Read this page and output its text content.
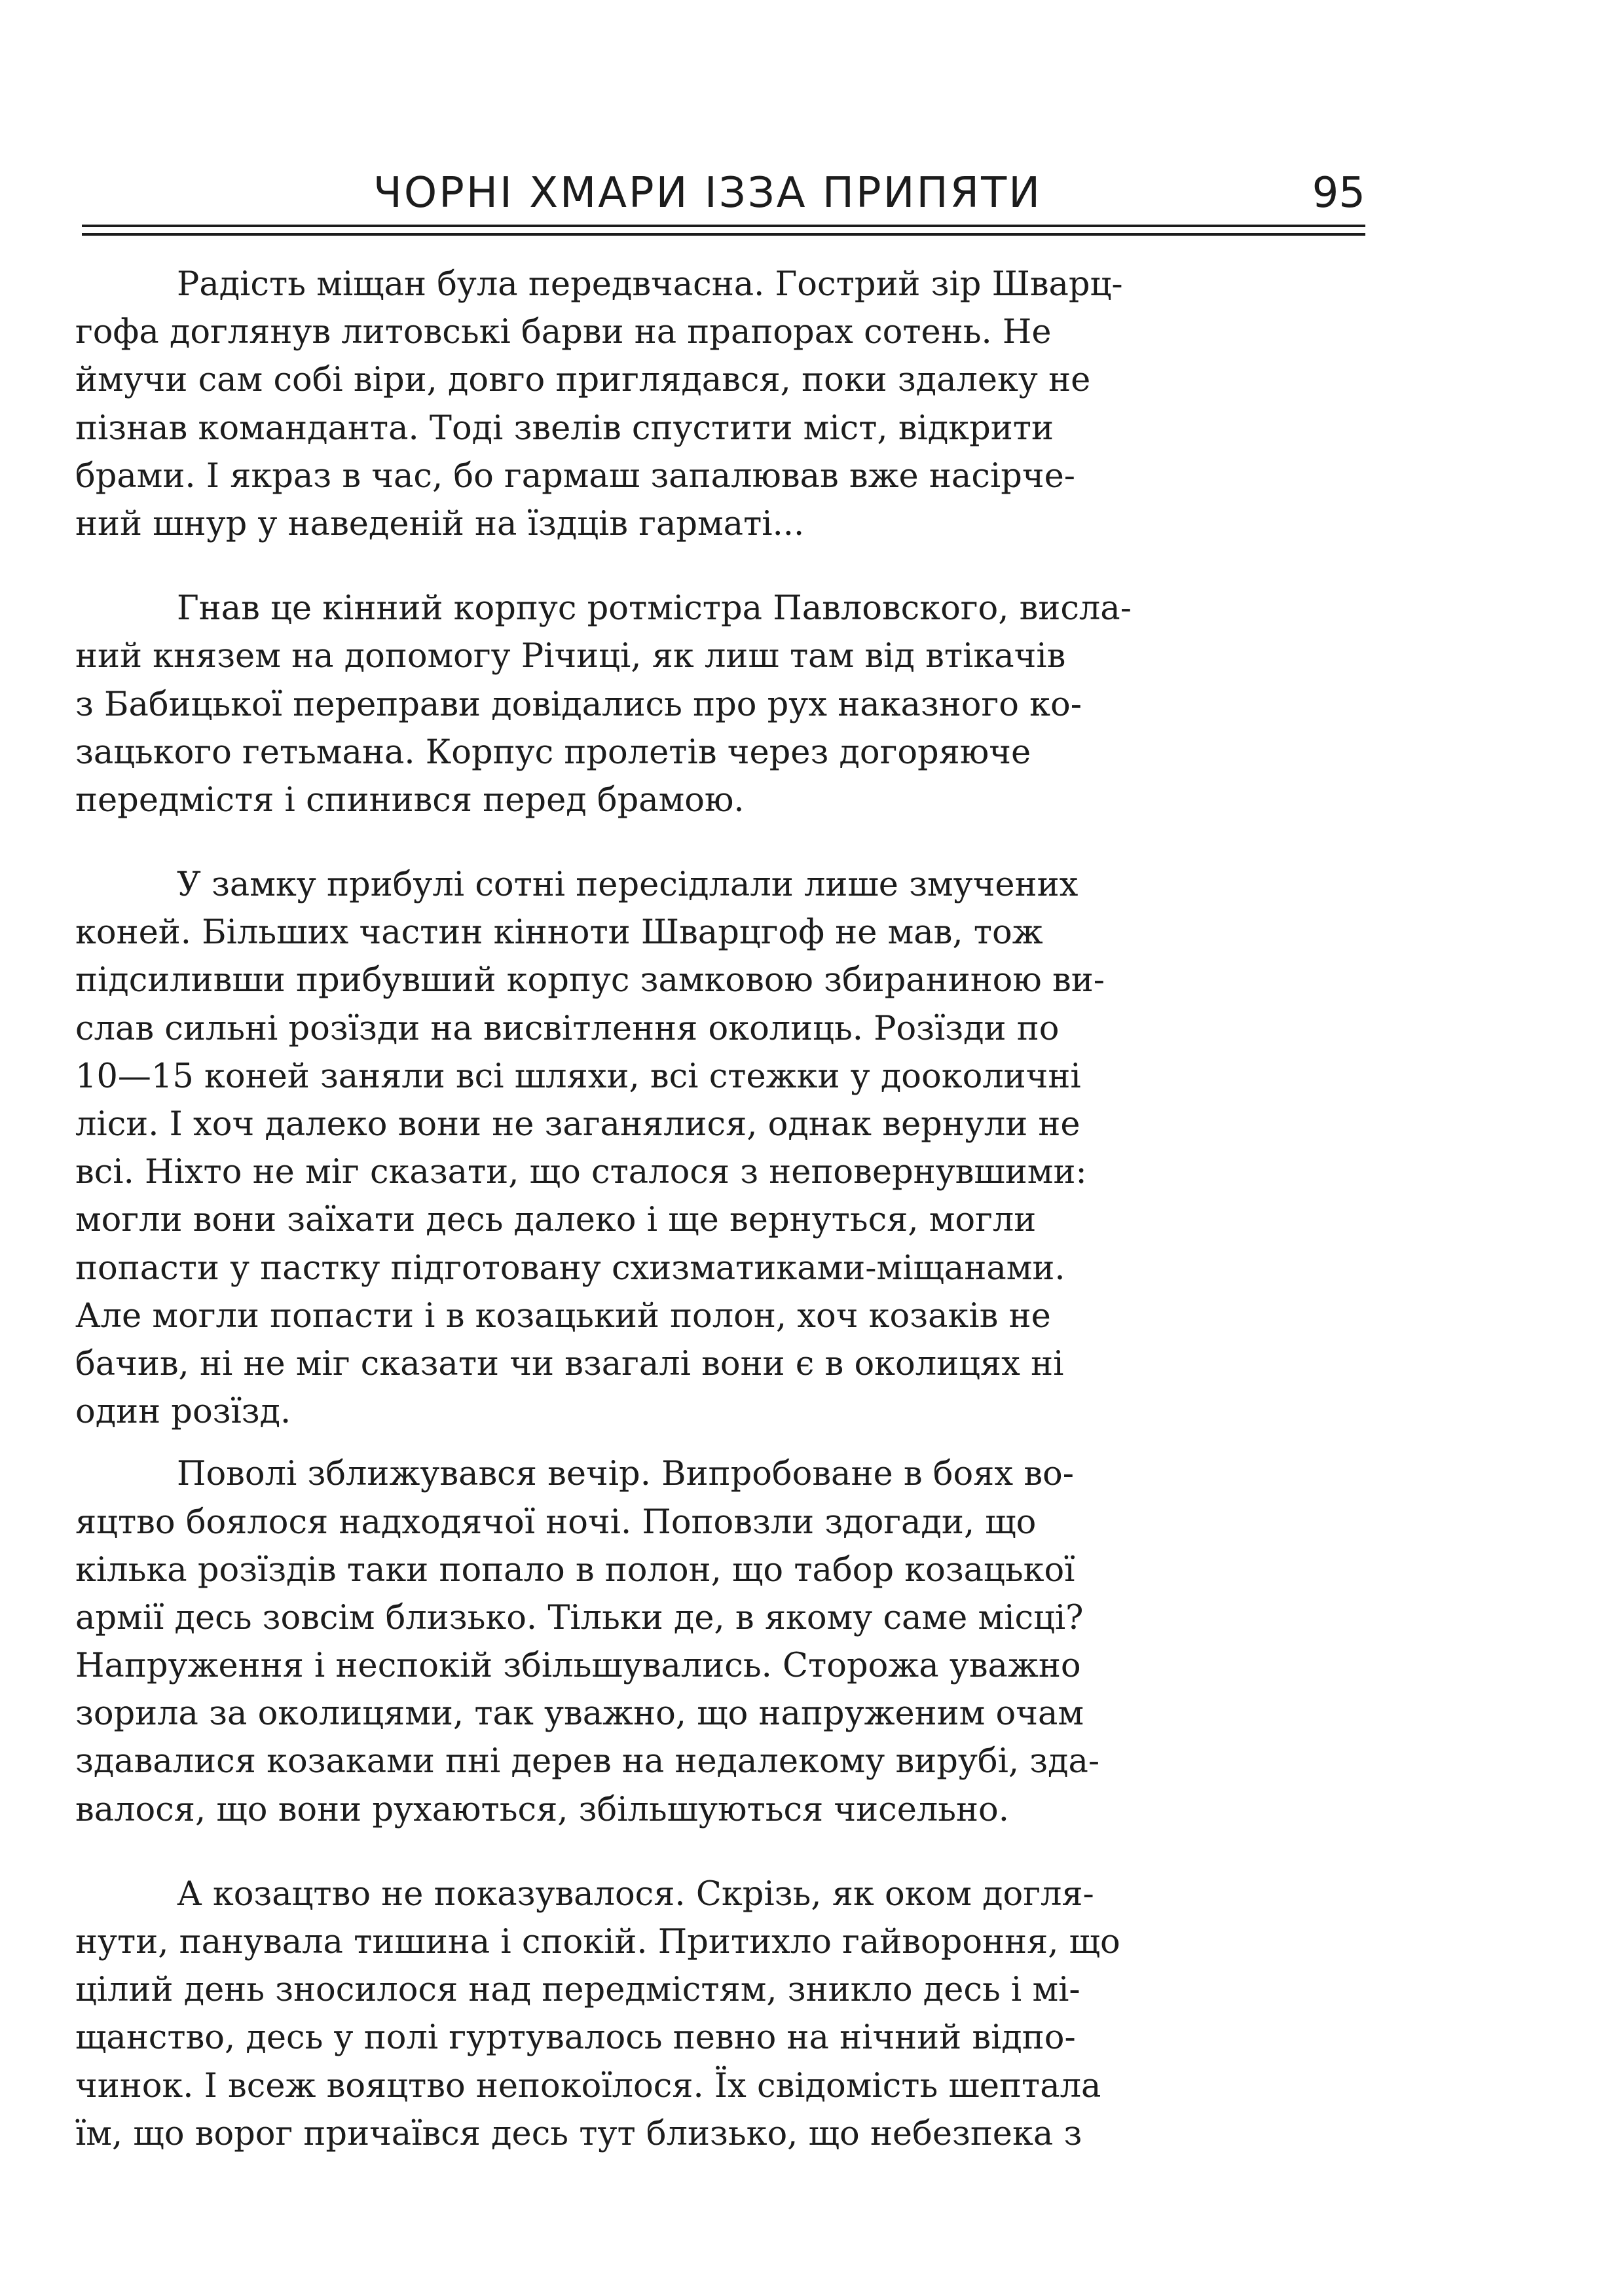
ЧОРНІ ХМАРИ ІЗЗА ПРИПЯТИ	95
Радість міщан була передвчасна. Гострий зір Шварц-
гофа доглянув литовські барви на прапорах сотень. Не
ймучи сам собі віри, довго приглядався, поки здалеку не
пізнав команданта. Тоді звелів спустити міст, відкрити
брами. І якраз в час, бо гармаш запалював вже насірче-
ний шнур у наведеній на їздців гарматі...
Гнав це кінний корпус ротмістра Павловского, висла-
ний князем на допомогу Річиці, як лиш там від втікачів
з Бабицької переправи довідались про рух наказного ко-
зацького гетьмана. Корпус пролетів через догоряюче
передмістя і спинився перед брамою.
У замку прибулі сотні пересідлали лише змучених
коней. Більших частин кінноти Шварцгоф не мав, тож
підсиливши прибувший корпус замковою збираниною ви-
слав сильні розїзди на висвітлення околиць. Розїзди по
10—15 коней заняли всі шляхи, всі стежки у дооколичні
ліси. І хоч далеко вони не заганялися, однак вернули не
всі. Ніхто не міг сказати, що сталося з неповернувшими:
могли вони заїхати десь далеко і ще вернуться, могли
попасти у пастку підготовану схизматиками-міщанами.
Але могли попасти і в козацький полон, хоч козаків не
бачив, ні не міг сказати чи взагалі вони є в околицях ні
один розїзд.
Поволі зближувався вечір. Випробоване в боях во-
яцтво боялося надходячої ночі. Поповзли здогади, що
кілька розїздів таки попало в полон, що табор козацької
армії десь зовсім близько. Тільки де, в якому саме місці?
Напруження і неспокій збільшувались. Сторожа уважно
зорила за околицями, так уважно, що напруженим очам
здавалися козаками пні дерев на недалекому вирубі, зда-
валося, що вони рухаються, збільшуються чисельно.
А козацтво не показувалося. Скрізь, як оком догля-
нути, панувала тишина і спокій. Притихло гайвороння, що
цілий день зносилося над передмістям, зникло десь і мі-
щанство, десь у полі гуртувалось певно на нічний відпо-
чинок. І всеж вояцтво непокоїлося. Їх свідомість шептала
їм, що ворог причаївся десь тут близько, що небезпека з
